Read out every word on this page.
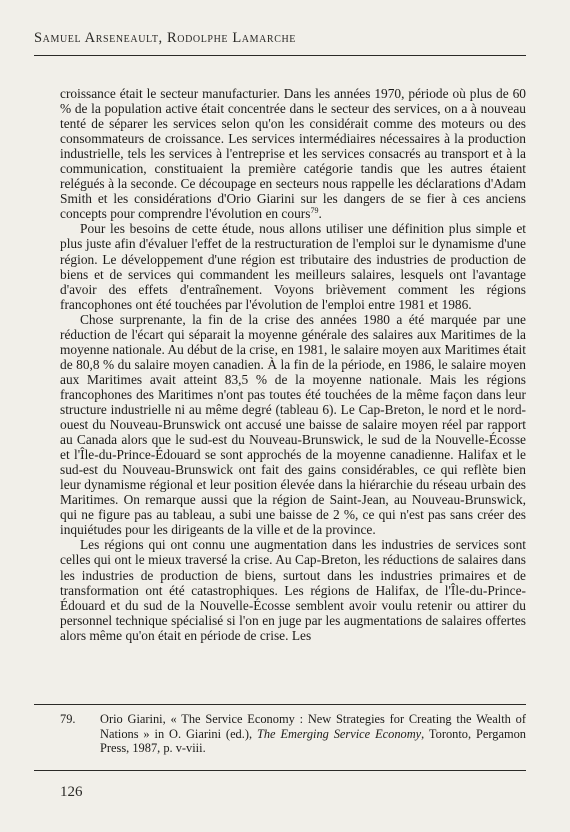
Samuel Arseneault, Rodolphe Lamarche

croissance était le secteur manufacturier. Dans les années 1970, période où plus de 60 % de la population active était concentrée dans le secteur des services, on a à nouveau tenté de séparer les services selon qu'on les considérait comme des moteurs ou des consommateurs de croissance. Les services intermédiaires nécessaires à la production industrielle, tels les services à l'entreprise et les services consacrés au transport et à la communication, constituaient la première catégorie tandis que les autres étaient relégués à la seconde. Ce découpage en secteurs nous rappelle les déclarations d'Adam Smith et les considérations d'Orio Giarini sur les dangers de se fier à ces anciens concepts pour comprendre l'évolution en cours$^{79}$.

Pour les besoins de cette étude, nous allons utiliser une définition plus simple et plus juste afin d'évaluer l'effet de la restructuration de l'emploi sur le dynamisme d'une région. Le développement d'une région est tributaire des industries de production de biens et de services qui commandent les meilleurs salaires, lesquels ont l'avantage d'avoir des effets d'entraînement. Voyons brièvement comment les régions francophones ont été touchées par l'évolution de l'emploi entre 1981 et 1986.

Chose surprenante, la fin de la crise des années 1980 a été marquée par une réduction de l'écart qui séparait la moyenne générale des salaires aux Maritimes de la moyenne nationale. Au début de la crise, en 1981, le salaire moyen aux Maritimes était de 80,8 % du salaire moyen canadien. À la fin de la période, en 1986, le salaire moyen aux Maritimes avait atteint 83,5 % de la moyenne nationale. Mais les régions francophones des Maritimes n'ont pas toutes été touchées de la même façon dans leur structure industrielle ni au même degré (tableau 6). Le Cap-Breton, le nord et le nord-ouest du Nouveau-Brunswick ont accusé une baisse de salaire moyen réel par rapport au Canada alors que le sud-est du Nouveau-Brunswick, le sud de la Nouvelle-Écosse et l'Île-du-Prince-Édouard se sont approchés de la moyenne canadienne. Halifax et le sud-est du Nouveau-Brunswick ont fait des gains considérables, ce qui reflète bien leur dynamisme régional et leur position élevée dans la hiérarchie du réseau urbain des Maritimes. On remarque aussi que la région de Saint-Jean, au Nouveau-Brunswick, qui ne figure pas au tableau, a subi une baisse de 2 %, ce qui n'est pas sans créer des inquiétudes pour les dirigeants de la ville et de la province.

Les régions qui ont connu une augmentation dans les industries de services sont celles qui ont le mieux traversé la crise. Au Cap-Breton, les réductions de salaires dans les industries de production de biens, surtout dans les industries primaires et de transformation ont été catastrophiques. Les régions de Halifax, de l'Île-du-Prince-Édouard et du sud de la Nouvelle-Écosse semblent avoir voulu retenir ou attirer du personnel technique spécialisé si l'on en juge par les augmentations de salaires offertes alors même qu'on était en période de crise. Les

79.	Orio Giarini, « The Service Economy : New Strategies for Creating the Wealth of Nations » in O. Giarini (ed.), The Emerging Service Economy, Toronto, Pergamon Press, 1987, p. v-viii.
126
